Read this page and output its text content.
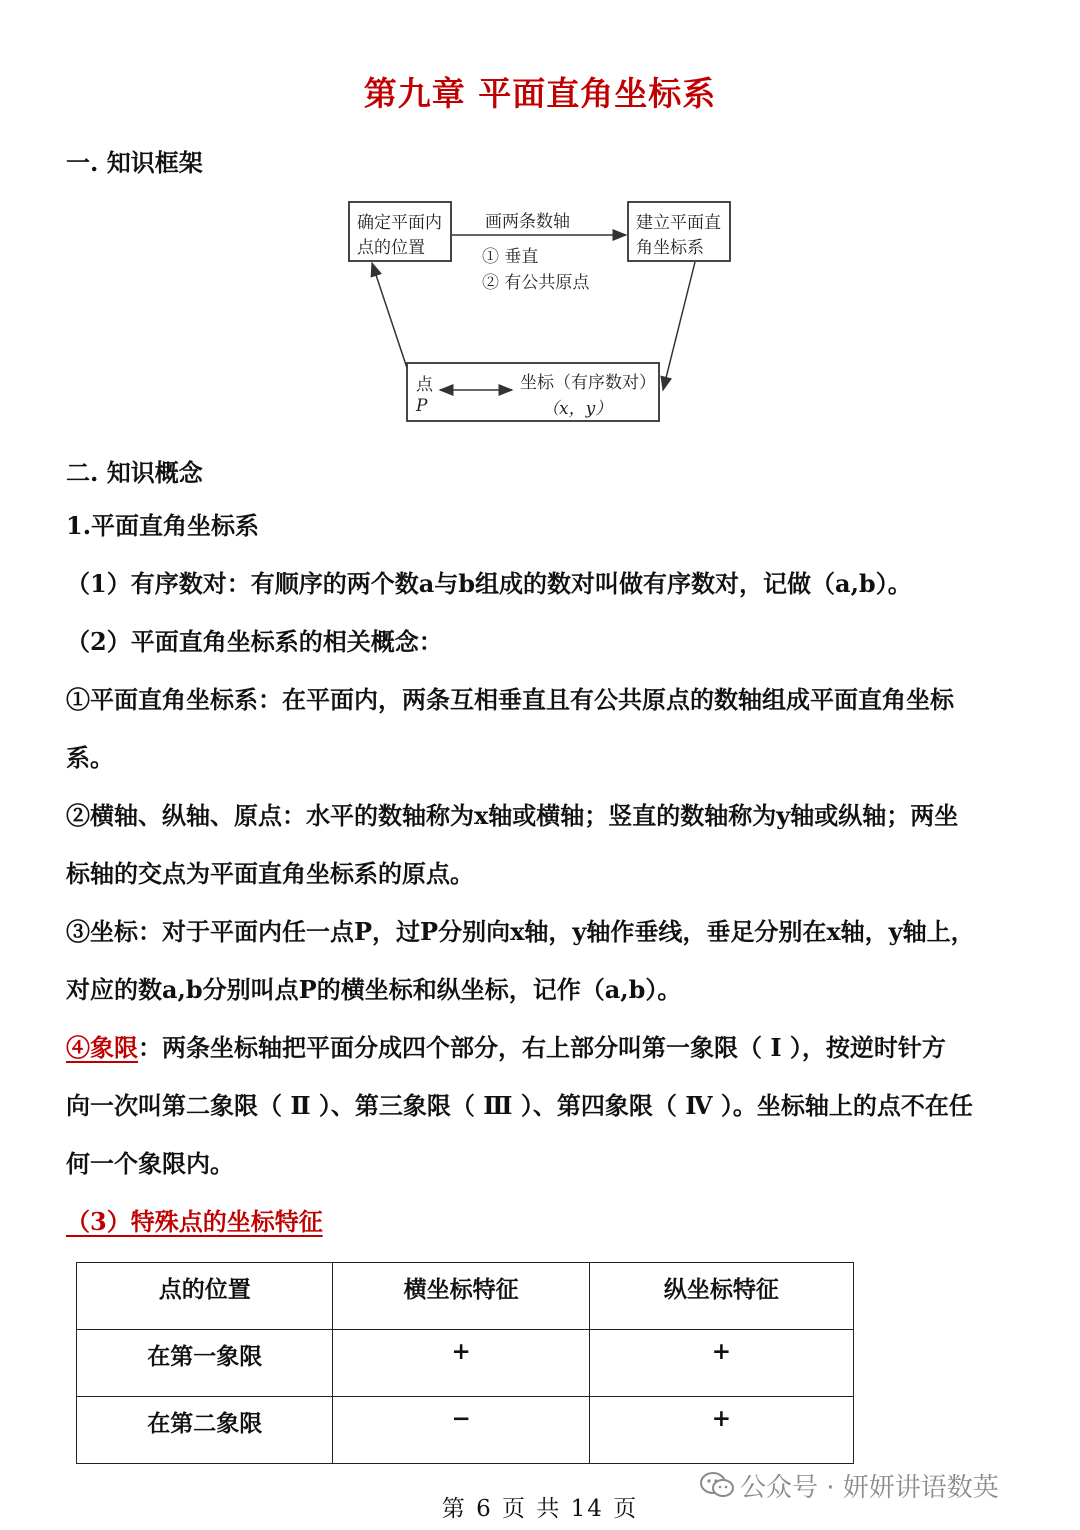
第九章 平面直角坐标系
一. 知识框架
确定平面内
点的位置
建立平面直
角坐标系
画两条数轴
① 垂直
② 有公共原点
点
P
坐标（有序数对）
（x，y）
二. 知识概念
1.平面直角坐标系
（1）有序数对：有顺序的两个数a与b组成的数对叫做有序数对，记做（a,b）。
（2）平面直角坐标系的相关概念：
①平面直角坐标系：在平面内，两条互相垂直且有公共原点的数轴组成平面直角坐标
系。
②横轴、纵轴、原点：水平的数轴称为x轴或横轴；竖直的数轴称为y轴或纵轴；两坐
标轴的交点为平面直角坐标系的原点。
③坐标：对于平面内任一点P，过P分别向x轴，y轴作垂线，垂足分别在x轴，y轴上，
对应的数a,b分别叫点P的横坐标和纵坐标，记作（a,b）。
④象限：两条坐标轴把平面分成四个部分，右上部分叫第一象限（ Ⅰ ），按逆时针方
向一次叫第二象限（ Ⅱ ）、第三象限（ Ⅲ ）、第四象限（ Ⅳ ）。坐标轴上的点不在任
何一个象限内。
（3）特殊点的坐标特征
点的位置	横坐标特征	纵坐标特征
在第一象限	+	+
在第二象限	−	+
第 6 页 共 14 页
公众号 · 妍妍讲语数英
